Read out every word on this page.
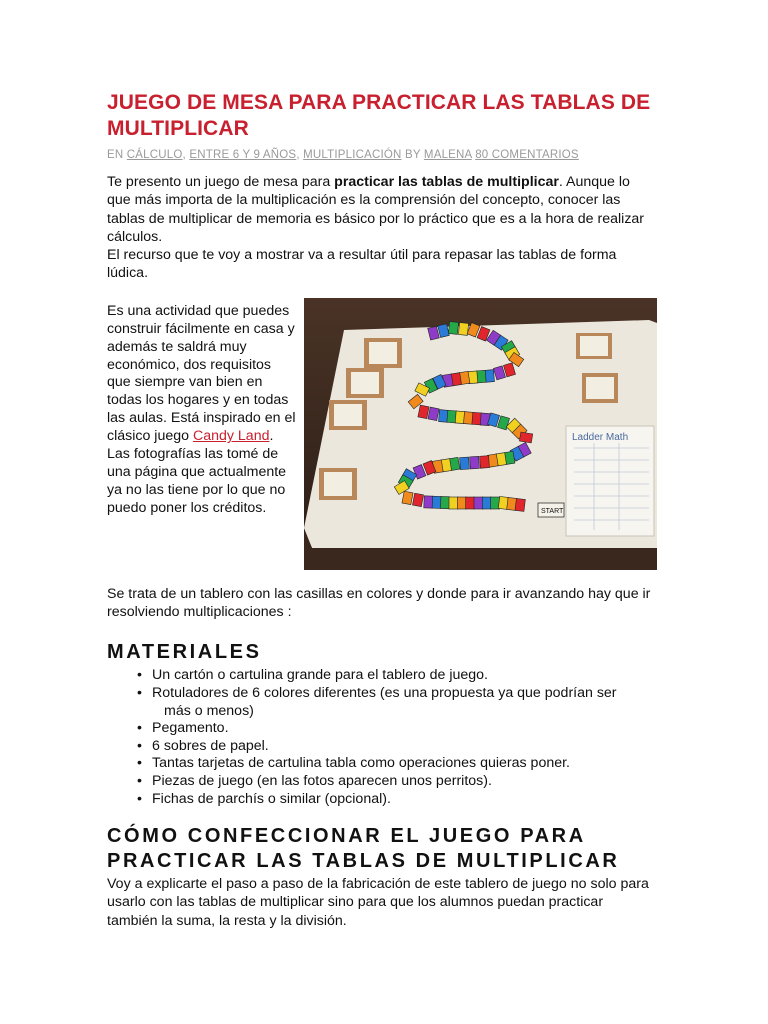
JUEGO DE MESA PARA PRACTICAR LAS TABLAS DE MULTIPLICAR
EN CÁLCULO, ENTRE 6 Y 9 AÑOS, MULTIPLICACIÓN BY MALENA 80 COMENTARIOS

Te presento un juego de mesa para practicar las tablas de multiplicar. Aunque lo que más importa de la multiplicación es la comprensión del concepto, conocer las tablas de multiplicar de memoria es básico por lo práctico que es a la hora de realizar cálculos.
El recurso que te voy a mostrar va a resultar útil para repasar las tablas de forma lúdica.

Es una actividad que puedes construir fácilmente en casa y además te saldrá muy económico, dos requisitos que siempre van bien en todas los hogares y en todas las aulas. Está inspirado en el clásico juego Candy Land.

Las fotografías las tomé de una página que actualmente ya no las tiene por lo que no puedo poner los créditos.

Ladder Math
START

Se trata de un tablero con las casillas en colores y donde para ir avanzando hay que ir resolviendo multiplicaciones :

MATERIALES
• Un cartón o cartulina grande para el tablero de juego.
• Rotuladores de 6 colores diferentes (es una propuesta ya que podrían ser
más o menos)
• Pegamento.
• 6 sobres de papel.
• Tantas tarjetas de cartulina tabla como operaciones quieras poner.
• Piezas de juego (en las fotos aparecen unos perritos).
• Fichas de parchís o similar (opcional).
CÓMO CONFECCIONAR EL JUEGO PARA PRACTICAR LAS TABLAS DE MULTIPLICAR

Voy a explicarte el paso a paso de la fabricación de este tablero de juego no solo para usarlo con las tablas de multiplicar sino para que los alumnos puedan practicar también la suma, la resta y la división.
